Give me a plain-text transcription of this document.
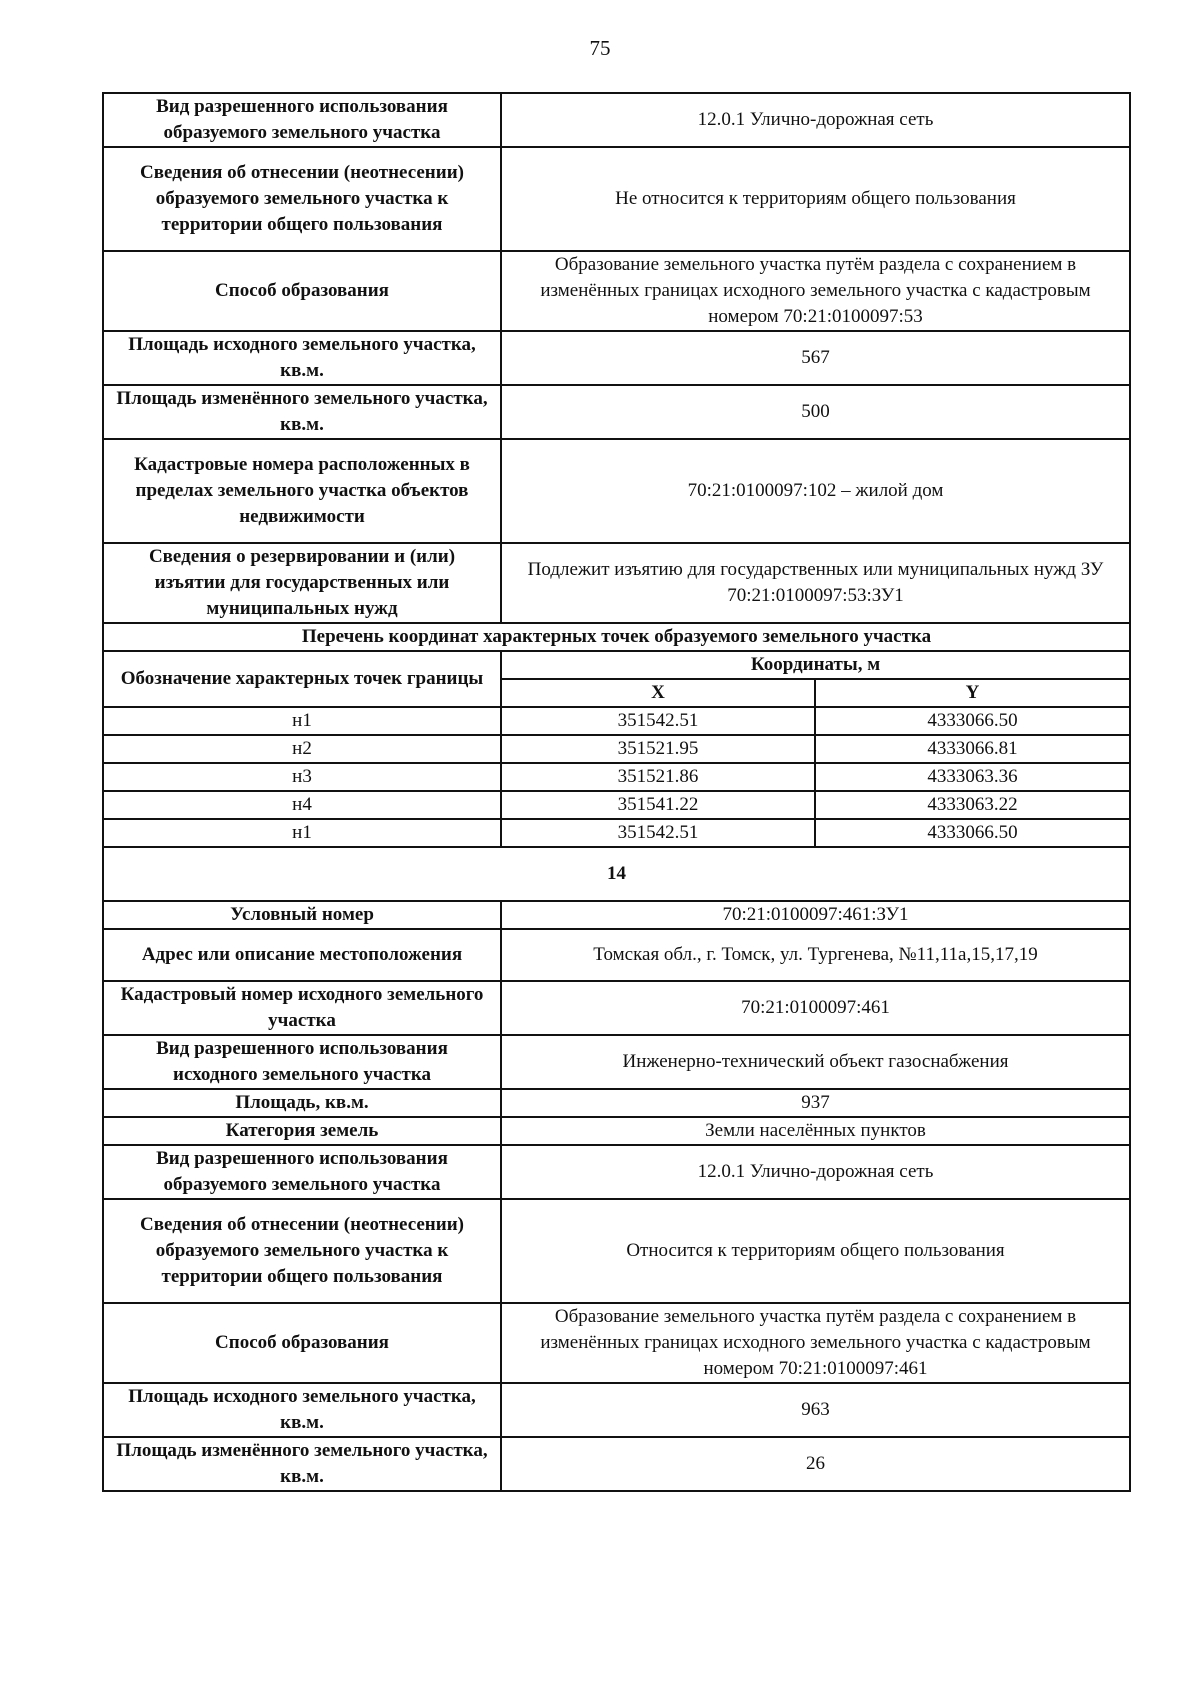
75
Вид разрешенного использования образуемого земельного участка	12.0.1 Улично-дорожная сеть	
Сведения об отнесении (неотнесении) образуемого земельного участка к территории общего пользования	Не относится к территориям общего пользования	
Способ образования	Образование земельного участка путём раздела с сохранением в изменённых границах исходного земельного участка с кадастровым номером 70:21:0100097:53	
Площадь исходного земельного участка, кв.м.	567	
Площадь изменённого земельного участка, кв.м.	500	
Кадастровые номера расположенных в пределах земельного участка объектов недвижимости	70:21:0100097:102 – жилой дом	
Сведения о резервировании и (или) изъятии для государственных или муниципальных нужд	Подлежит изъятию для государственных или муниципальных нужд ЗУ 70:21:0100097:53:ЗУ1	
Перечень координат характерных точек образуемого земельного участка		
Обозначение характерных точек границы	Координаты, м	
	X	Y
н1	351542.51	4333066.50
н2	351521.95	4333066.81
н3	351521.86	4333063.36
н4	351541.22	4333063.22
н1	351542.51	4333066.50
14		
Условный номер	70:21:0100097:461:ЗУ1	
Адрес или описание местоположения	Томская обл., г. Томск, ул. Тургенева, №11,11а,15,17,19	
Кадастровый номер исходного земельного участка	70:21:0100097:461	
Вид разрешенного использования исходного земельного участка	Инженерно-технический объект газоснабжения	
Площадь, кв.м.	937	
Категория земель	Земли населённых пунктов	
Вид разрешенного использования образуемого земельного участка	12.0.1 Улично-дорожная сеть	
Сведения об отнесении (неотнесении) образуемого земельного участка к территории общего пользования	Относится к территориям общего пользования	
Способ образования	Образование земельного участка путём раздела с сохранением в изменённых границах исходного земельного участка с кадастровым номером 70:21:0100097:461	
Площадь исходного земельного участка, кв.м.	963	
Площадь изменённого земельного участка, кв.м.	26	
